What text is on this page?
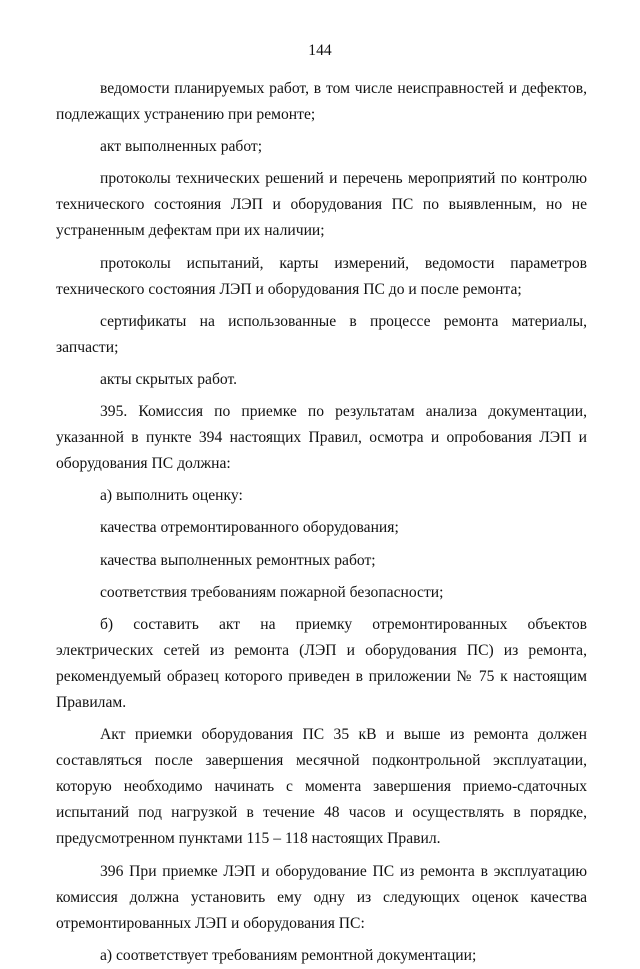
144

ведомости планируемых работ, в том числе неисправностей и дефектов, подлежащих устранению при ремонте;

акт выполненных работ;

протоколы технических решений и перечень мероприятий по контролю технического состояния ЛЭП и оборудования ПС по выявленным, но не устраненным дефектам при их наличии;

протоколы испытаний, карты измерений, ведомости параметров технического состояния ЛЭП и оборудования ПС до и после ремонта;

сертификаты на использованные в процессе ремонта материалы, запчасти;

акты скрытых работ.

395. Комиссия по приемке по результатам анализа документации, указанной в пункте 394 настоящих Правил, осмотра и опробования ЛЭП и оборудования ПС должна:

а) выполнить оценку:

качества отремонтированного оборудования;

качества выполненных ремонтных работ;

соответствия требованиям пожарной безопасности;

б) составить акт на приемку отремонтированных объектов электрических сетей из ремонта (ЛЭП и оборудования ПС) из ремонта, рекомендуемый образец которого приведен в приложении № 75 к настоящим Правилам.

Акт приемки оборудования ПС 35 кВ и выше из ремонта должен составляться после завершения месячной подконтрольной эксплуатации, которую необходимо начинать с момента завершения приемо-сдаточных испытаний под нагрузкой в течение 48 часов и осуществлять в порядке, предусмотренном пунктами 115 – 118 настоящих Правил.

396 При приемке ЛЭП и оборудование ПС из ремонта в эксплуатацию комиссия должна установить ему одну из следующих оценок качества отремонтированных ЛЭП и оборудования ПС:

а) соответствует требованиям ремонтной документации;
